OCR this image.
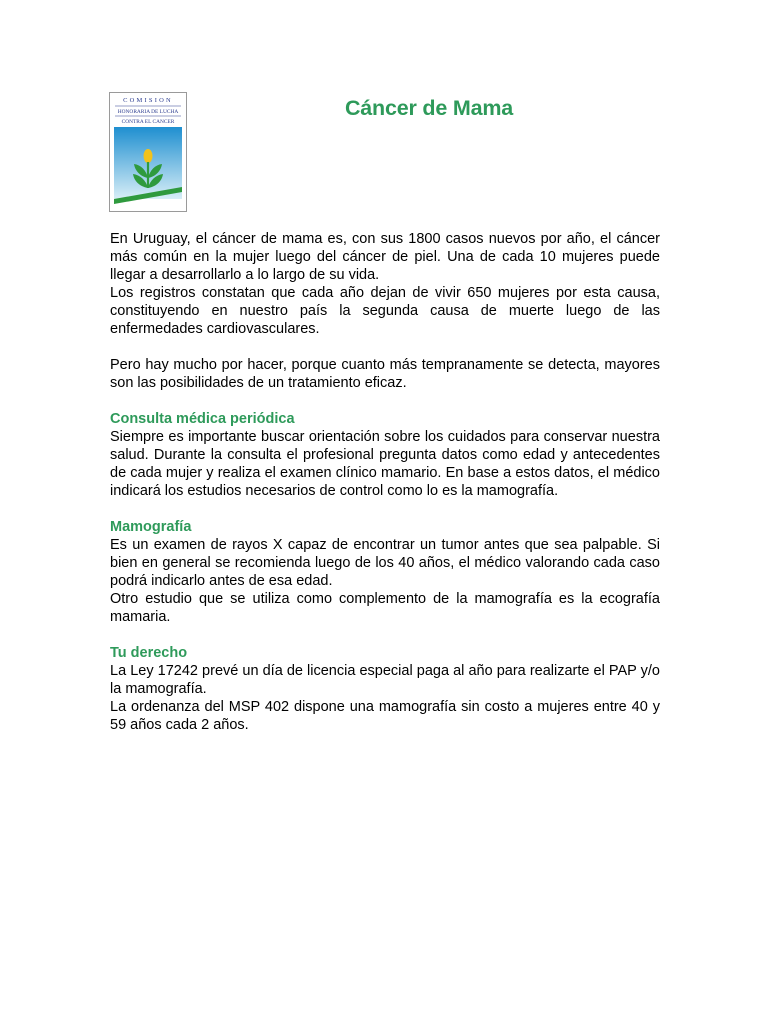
COMISION
HONORARIA DE LUCHA
CONTRA EL CANCER
Cáncer de Mama

En Uruguay, el cáncer de mama es, con sus 1800 casos nuevos por año, el cáncer más común en la mujer luego del cáncer de piel. Una de cada 10 mujeres puede llegar a desarrollarlo a lo largo de su vida.

Los registros constatan que cada año dejan de vivir 650 mujeres por esta causa, constituyendo en nuestro país la segunda causa de muerte luego de las enfermedades cardiovasculares.

Pero hay mucho por hacer, porque cuanto más tempranamente se detecta, mayores son las posibilidades de un tratamiento eficaz.

Consulta médica periódica

Siempre es importante buscar orientación sobre los cuidados para conservar nuestra salud. Durante la consulta el profesional pregunta datos como edad y antecedentes de cada mujer y realiza el examen clínico mamario. En base a estos datos, el médico indicará los estudios necesarios de control como lo es la mamografía.

Mamografía

Es un examen de rayos X capaz de encontrar un tumor antes que sea palpable. Si bien en general se recomienda luego de los 40 años, el médico valorando cada caso podrá indicarlo antes de esa edad.

Otro estudio que se utiliza como complemento de la mamografía es la ecografía mamaria.

Tu derecho

La Ley 17242 prevé un día de licencia especial paga al año para realizarte el PAP y/o la mamografía.

La ordenanza del MSP 402 dispone una mamografía sin costo a mujeres entre 40 y 59 años cada 2 años.
